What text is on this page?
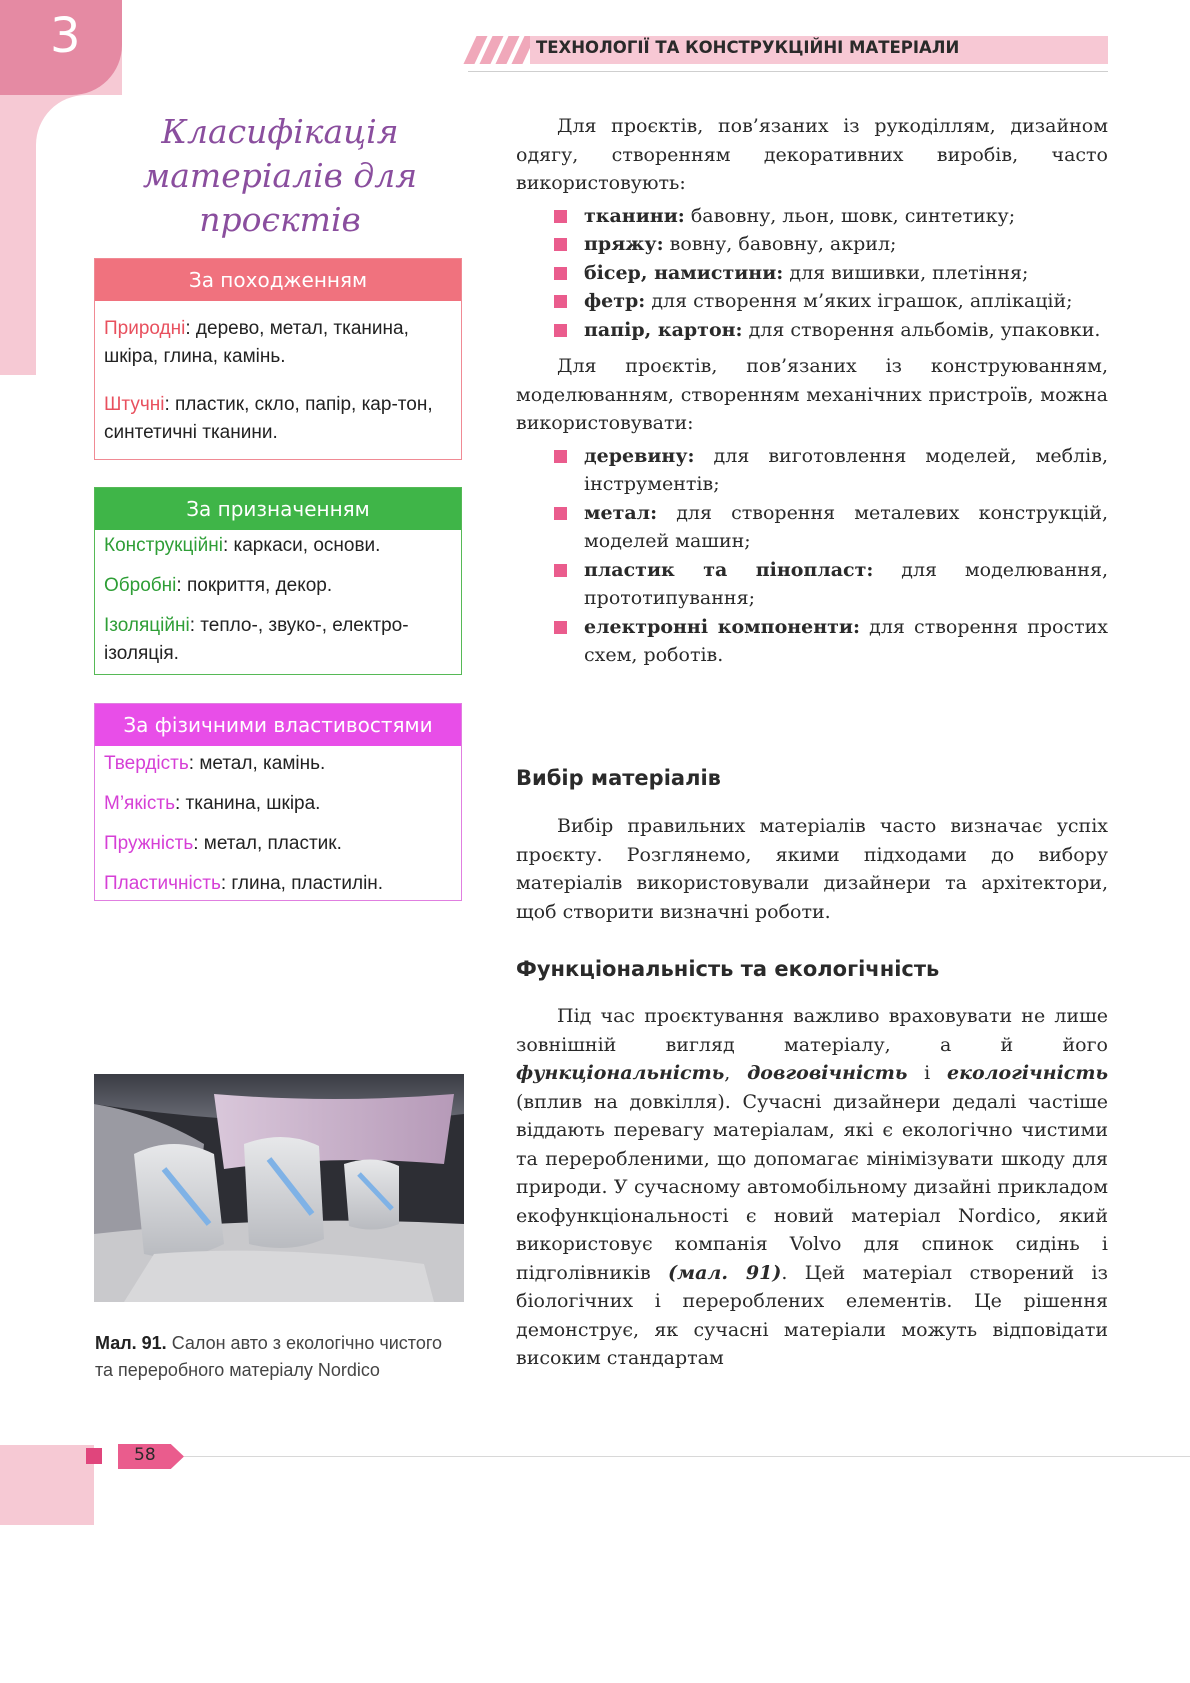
3	ТЕХНОЛОГІЇ ТА КОНСТРУКЦІЙНІ МАТЕРІАЛИ
Класифікація матеріалів для проєктів
За походженням

Природні: дерево, метал, тканина, шкіра, глина, камінь.

Штучні: пластик, скло, папір, кар-тон, синтетичні тканини.

За призначенням

Конструкційні: каркаси, основи.

Обробні: покриття, декор.

Ізоляційні: тепло-, звуко-, електро-ізоляція.

За фізичними властивостями

Твердість: метал, камінь.

М’якість: тканина, шкіра.

Пружність: метал, пластик.

Пластичність: глина, пластилін.

Мал. 91. Салон авто з екологічно чистого та переробного матеріалу Nordico

Для проєктів, пов’язаних із рукоділлям, дизайном одягу, створенням декоративних виробів, часто використовують:

тканини: бавовну, льон, шовк, синтетику;
пряжу: вовну, бавовну, акрил;
бісер, намистини: для вишивки, плетіння;
фетр: для створення м’яких іграшок, аплікацій;
папір, картон: для створення альбомів, упаковки.

Для проєктів, пов’язаних із конструюванням, моделюванням, створенням механічних пристроїв, можна використовувати:

деревину: для виготовлення моделей, меблів, інструментів;
метал: для створення металевих конструкцій, моделей машин;
пластик та пінопласт: для моделювання, прототипування;
електронні компоненти: для створення простих схем, роботів.
Вибір матеріалів

Вибір правильних матеріалів часто визначає успіх проєкту. Розглянемо, якими підходами до вибору матеріалів використовували дизайнери та архітектори, щоб створити визначні роботи.

Функціональність та екологічність

Під час проєктування важливо враховувати не лише зовнішній вигляд матеріалу, а й його функціональність, довговічність і екологічність (вплив на довкілля). Сучасні дизайнери дедалі частіше віддають перевагу матеріалам, які є екологічно чистими та переробленими, що допомагає мінімізувати шкоду для природи. У сучасному автомобільному дизайні прикладом екофункціональності є новий матеріал Nordico, який використовує компанія Volvo для спинок сидінь і підголівників (мал. 91). Цей матеріал створений із біологічних і перероблених елементів. Це рішення демонструє, як сучасні матеріали можуть відповідати високим стандартам

58
